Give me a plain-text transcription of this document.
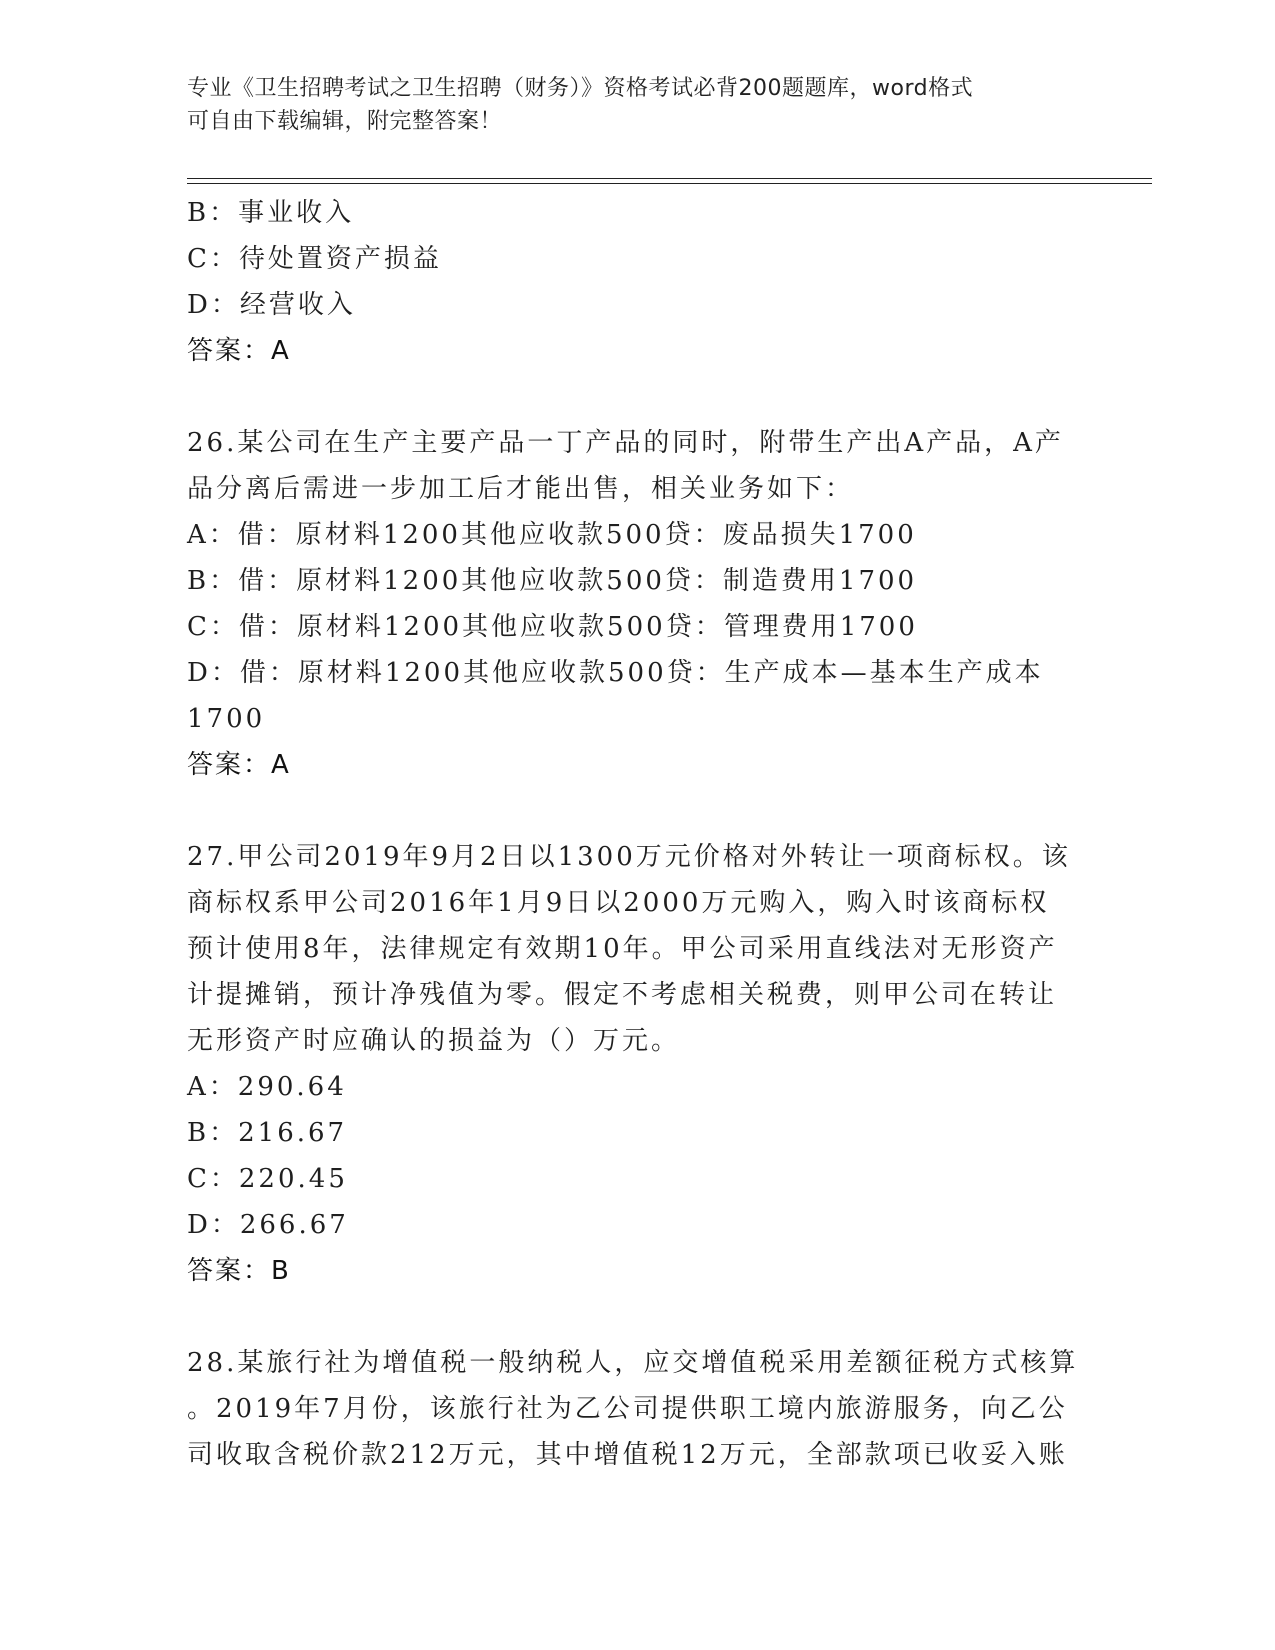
专业《卫生招聘考试之卫生招聘（财务）》资格考试必背200题题库，word格式
可自由下载编辑，附完整答案！
B：事业收入
C：待处置资产损益
D：经营收入
答案：A
26.某公司在生产主要产品一丁产品的同时，附带生产出A产品，A产
品分离后需进一步加工后才能出售，相关业务如下：
A：借：原材料1200其他应收款500贷：废品损失1700
B：借：原材料1200其他应收款500贷：制造费用1700
C：借：原材料1200其他应收款500贷：管理费用1700
D：借：原材料1200其他应收款500贷：生产成本—基本生产成本
1700
答案：A
27.甲公司2019年9月2日以1300万元价格对外转让一项商标权。该
商标权系甲公司2016年1月9日以2000万元购入，购入时该商标权
预计使用8年，法律规定有效期10年。甲公司采用直线法对无形资产
计提摊销，预计净残值为零。假定不考虑相关税费，则甲公司在转让
无形资产时应确认的损益为（）万元。
A：290.64
B：216.67
C：220.45
D：266.67
答案：B
28.某旅行社为增值税一般纳税人，应交增值税采用差额征税方式核算
。2019年7月份，该旅行社为乙公司提供职工境内旅游服务，向乙公
司收取含税价款212万元，其中增值税12万元，全部款项已收妥入账
